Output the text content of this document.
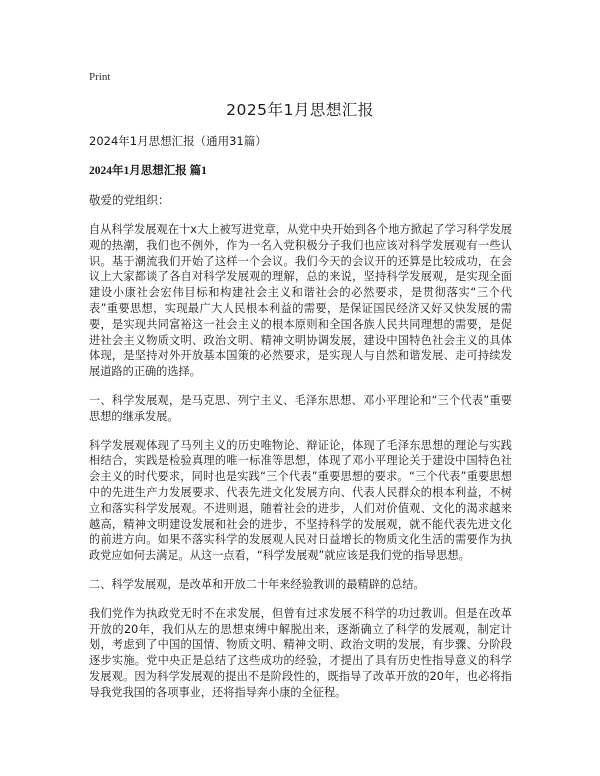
Print
2025年1月思想汇报

2024年1月思想汇报（通用31篇）

2024年1月思想汇报 篇1

敬爱的党组织：

自从科学发展观在十x大上被写进党章，从党中央开始到各个地方掀起了学习科学发展观的热潮，我们也不例外，作为一名入党积极分子我们也应该对科学发展观有一些认识。基于潮流我们开始了这样一个会议。我们今天的会议开的还算是比较成功，在会议上大家都谈了各自对科学发展观的理解，总的来说，坚持科学发展观，是实现全面建设小康社会宏伟目标和构建社会主义和谐社会的必然要求，是贯彻落实“三个代表”重要思想，实现最广大人民根本利益的需要，是保证国民经济又好又快发展的需要，是实现共同富裕这一社会主义的根本原则和全国各族人民共同理想的需要，是促进社会主义物质文明、政治文明、精神文明协调发展，建设中国特色社会主义的具体体现，是坚持对外开放基本国策的必然要求，是实现人与自然和谐发展、走可持续发展道路的正确的选择。

一、科学发展观，是马克思、列宁主义、毛泽东思想、邓小平理论和“三个代表”重要思想的继承发展。

科学发展观体现了马列主义的历史唯物论、辩证论，体现了毛泽东思想的理论与实践相结合，实践是检验真理的唯一标准等思想，体现了邓小平理论关于建设中国特色社会主义的时代要求，同时也是实践“三个代表”重要思想的要求。“三个代表”重要思想中的先进生产力发展要求、代表先进文化发展方向、代表人民群众的根本利益，不树立和落实科学发展观。不进则退，随着社会的进步，人们对价值观、文化的渴求越来越高，精神文明建设发展和社会的进步，不坚持科学的发展观，就不能代表先进文化的前进方向。如果不落实科学的发展观人民对日益增长的物质文化生活的需要作为执政党应如何去满足。从这一点看，“科学发展观”就应该是我们党的指导思想。

二、科学发展观，是改革和开放二十年来经验教训的最精辟的总结。

我们党作为执政党无时不在求发展，但曾有过求发展不科学的功过教训。但是在改革开放的20年，我们从左的思想束缚中解脱出来，逐渐确立了科学的发展观，制定计划，考虑到了中国的国情、物质文明、精神文明、政治文明的发展，有步骤、分阶段逐步实施。党中央正是总结了这些成功的经验，才提出了具有历史性指导意义的科学发展观。因为科学发展观的提出不是阶段性的，既指导了改革开放的20年，也必将指导我党我国的各项事业，还将指导奔小康的全征程。
